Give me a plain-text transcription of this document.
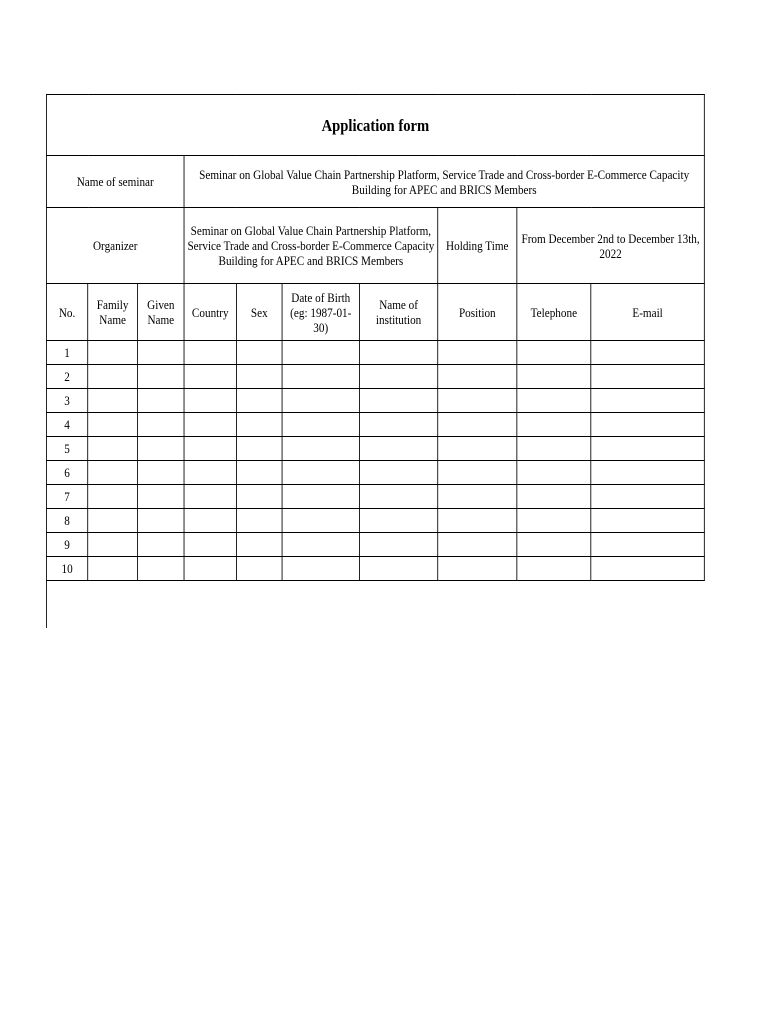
Application form									
Name of seminar			Seminar on Global Value Chain Partnership Platform, Service Trade and Cross-border E-Commerce Capacity Building for APEC and BRICS Members						
Organizer			Seminar on Global Value Chain Partnership Platform, Service Trade and Cross-border E-Commerce Capacity Building for APEC and BRICS Members				Holding Time	From December 2nd to December 13th, 2022	
No.	Family Name	Given Name	Country	Sex	Date of Birth (eg: 1987-01-30)	Name of institution	Position	Telephone	E-mail
1									
2									
3									
4									
5									
6									
7									
8									
9									
10									
